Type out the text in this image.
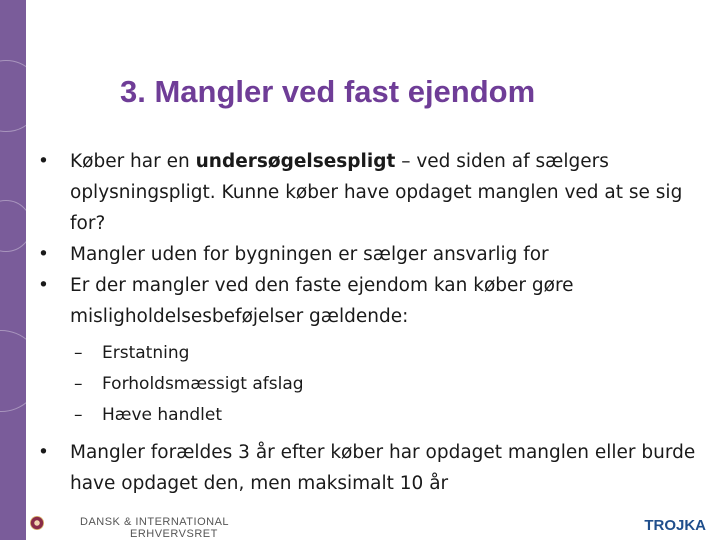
3. Mangler ved fast ejendom
• Køber har en undersøgelsespligt – ved siden af sælgers oplysningspligt. Kunne køber have opdaget manglen ved at se sig for?
• Mangler uden for bygningen er sælger ansvarlig for
• Er der mangler ved den faste ejendom kan køber gøre misligholdelsesbeføjelser gældende:
– Erstatning
– Forholdsmæssigt afslag
– Hæve handlet
• Mangler forældes 3 år efter køber har opdaget manglen eller burde have opdaget den, men maksimalt 10 år
DANSK & INTERNATIONAL
ERHVERVSRET	TROJKA
